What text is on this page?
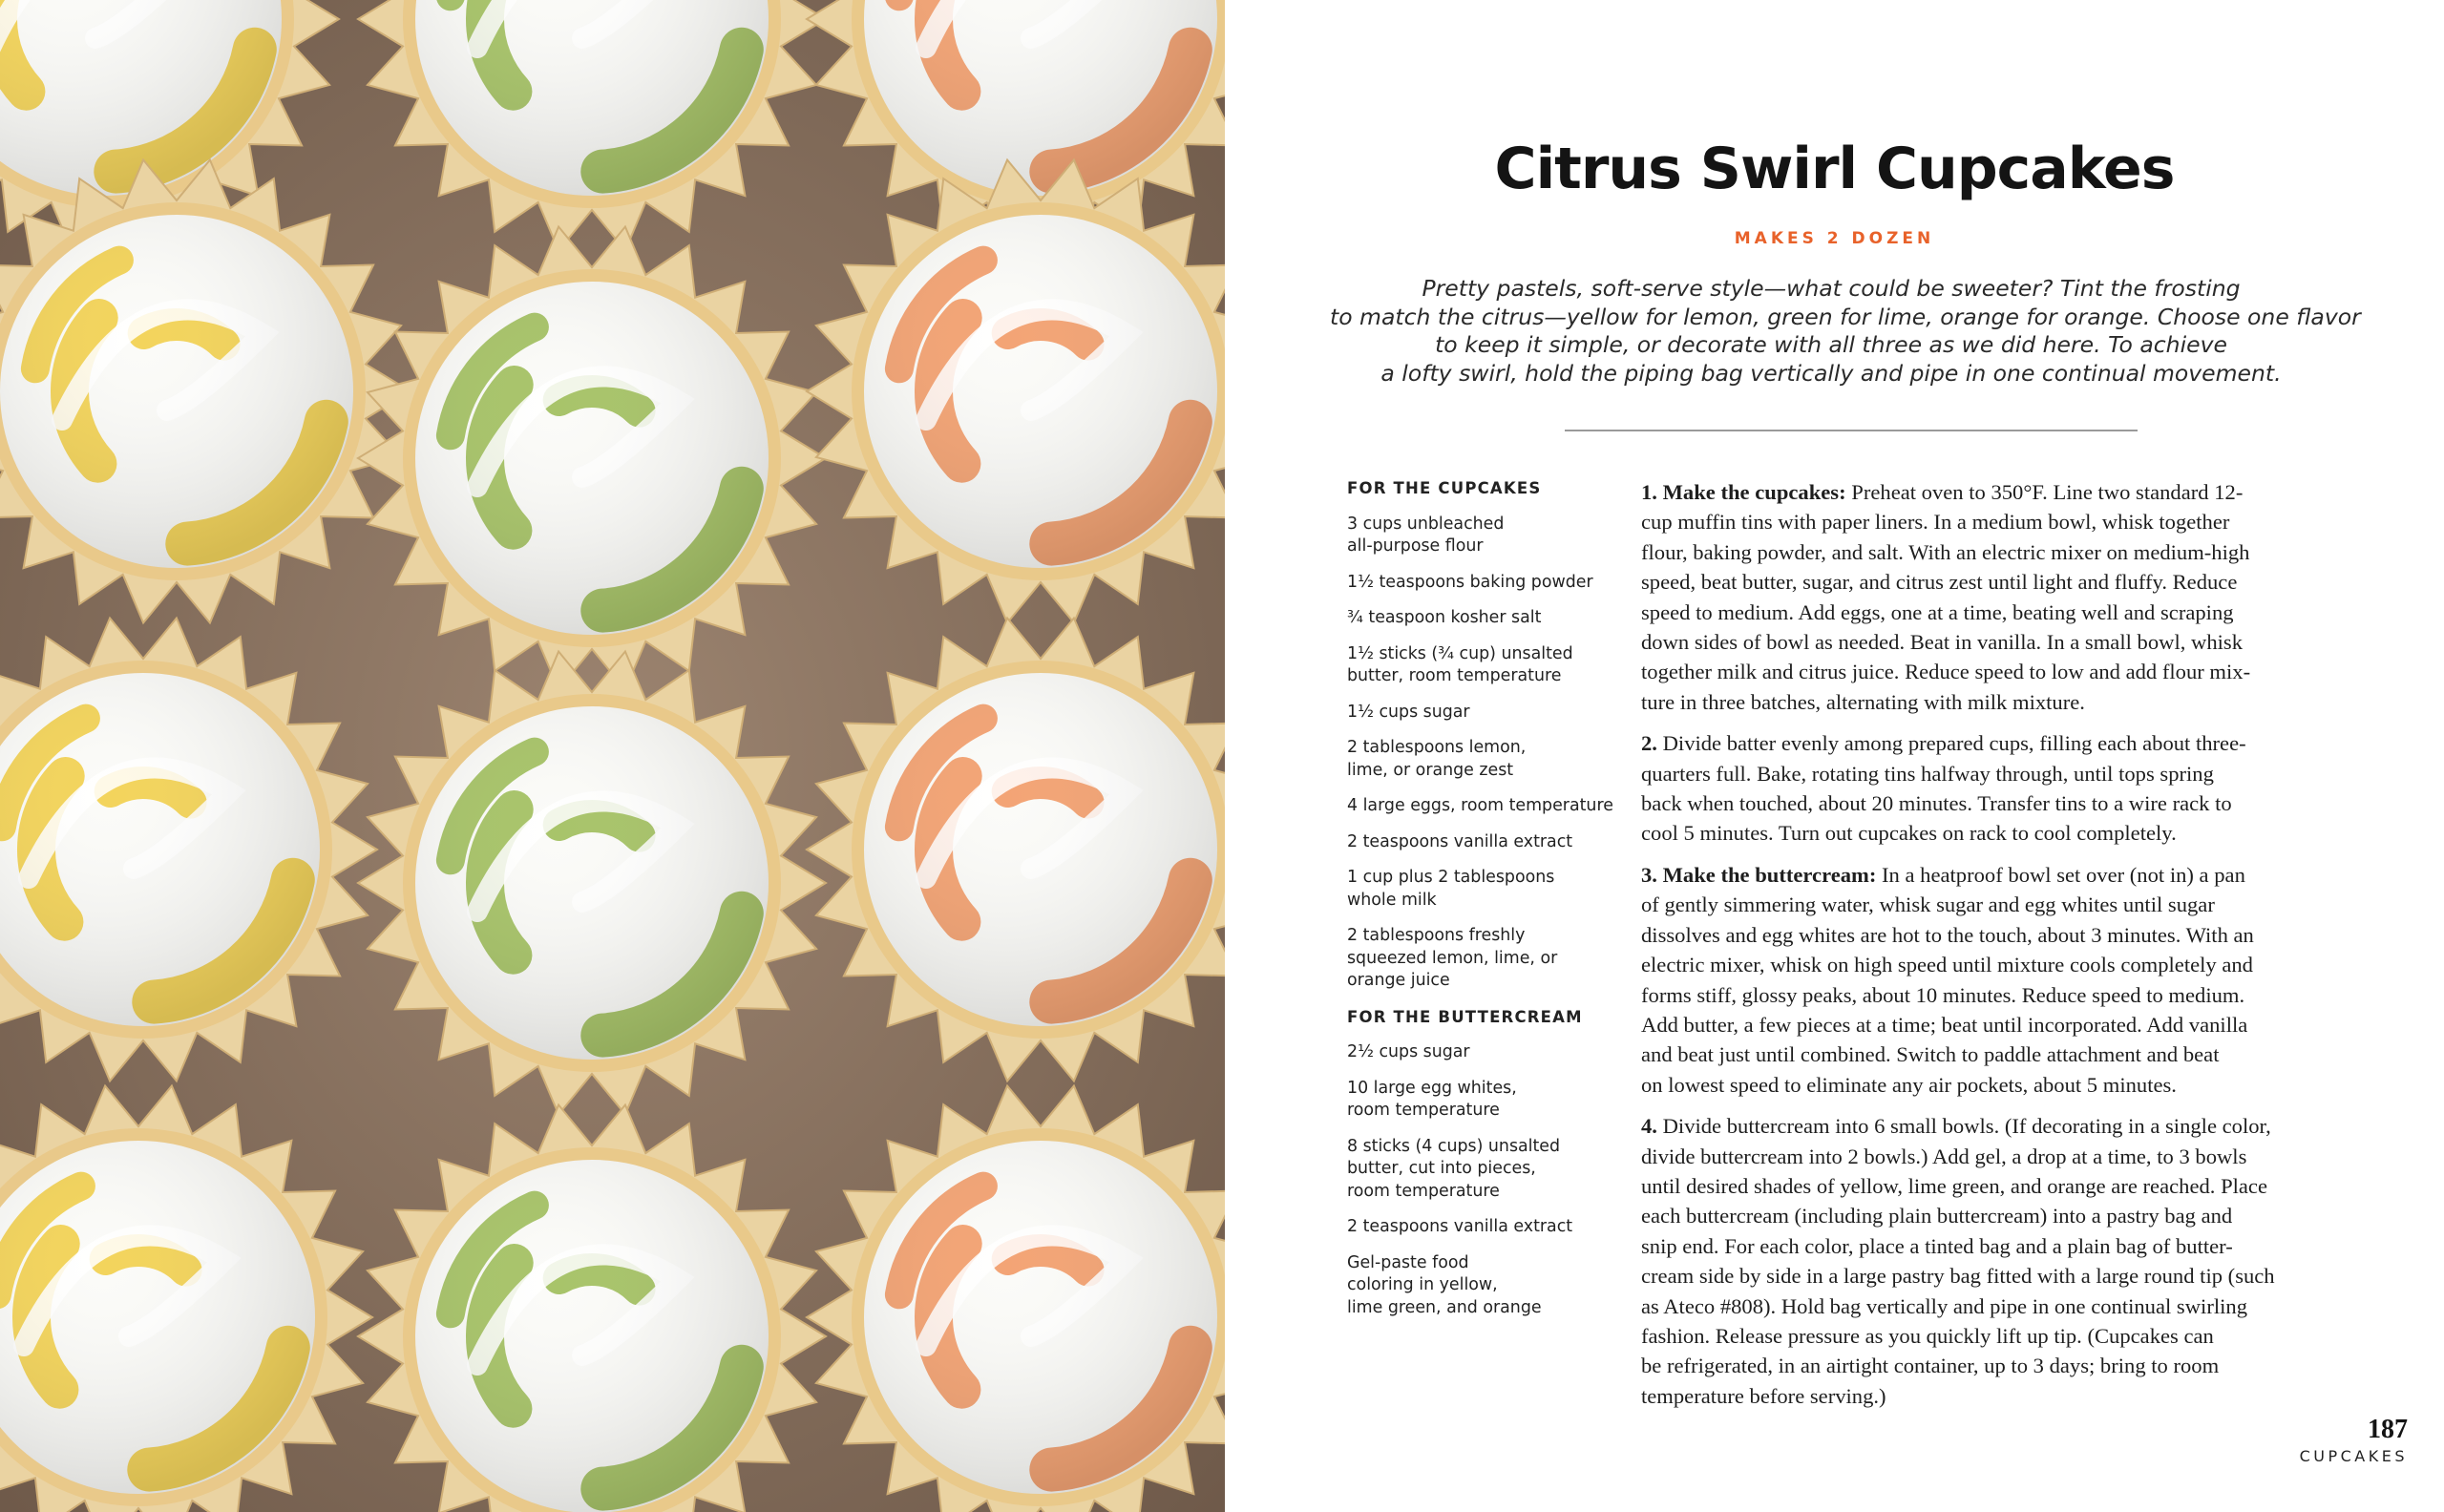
Citrus Swirl Cupcakes
MAKES 2 DOZEN
Pretty pastels, soft-serve style—what could be sweeter? Tint the frosting
to match the citrus—yellow for lemon, green for lime, orange for orange. Choose one flavor
to keep it simple, or decorate with all three as we did here. To achieve
a lofty swirl, hold the piping bag vertically and pipe in one continual movement.
FOR THE CUPCAKES
3 cups unbleached
all-purpose flour
1½ teaspoons baking powder
¾ teaspoon kosher salt
1½ sticks (¾ cup) unsalted
butter, room temperature
1½ cups sugar
2 tablespoons lemon,
lime, or orange zest
4 large eggs, room temperature
2 teaspoons vanilla extract
1 cup plus 2 tablespoons
whole milk
2 tablespoons freshly
squeezed lemon, lime, or
orange juice
FOR THE BUTTERCREAM
2½ cups sugar
10 large egg whites,
room temperature
8 sticks (4 cups) unsalted
butter, cut into pieces,
room temperature
2 teaspoons vanilla extract
Gel-paste food
coloring in yellow,
lime green, and orange
1. Make the cupcakes: Preheat oven to 350°F. Line two standard 12-
cup muffin tins with paper liners. In a medium bowl, whisk together
flour, baking powder, and salt. With an electric mixer on medium-high
speed, beat butter, sugar, and citrus zest until light and fluffy. Reduce
speed to medium. Add eggs, one at a time, beating well and scraping
down sides of bowl as needed. Beat in vanilla. In a small bowl, whisk
together milk and citrus juice. Reduce speed to low and add flour mix-
ture in three batches, alternating with milk mixture.
2. Divide batter evenly among prepared cups, filling each about three-
quarters full. Bake, rotating tins halfway through, until tops spring
back when touched, about 20 minutes. Transfer tins to a wire rack to
cool 5 minutes. Turn out cupcakes on rack to cool completely.
3. Make the buttercream: In a heatproof bowl set over (not in) a pan
of gently simmering water, whisk sugar and egg whites until sugar
dissolves and egg whites are hot to the touch, about 3 minutes. With an
electric mixer, whisk on high speed until mixture cools completely and
forms stiff, glossy peaks, about 10 minutes. Reduce speed to medium.
Add butter, a few pieces at a time; beat until incorporated. Add vanilla
and beat just until combined. Switch to paddle attachment and beat
on lowest speed to eliminate any air pockets, about 5 minutes.
4. Divide buttercream into 6 small bowls. (If decorating in a single color,
divide buttercream into 2 bowls.) Add gel, a drop at a time, to 3 bowls
until desired shades of yellow, lime green, and orange are reached. Place
each buttercream (including plain buttercream) into a pastry bag and
snip end. For each color, place a tinted bag and a plain bag of butter-
cream side by side in a large pastry bag fitted with a large round tip (such
as Ateco #808). Hold bag vertically and pipe in one continual swirling
fashion. Release pressure as you quickly lift up tip. (Cupcakes can
be refrigerated, in an airtight container, up to 3 days; bring to room
temperature before serving.)
187
CUPCAKES
